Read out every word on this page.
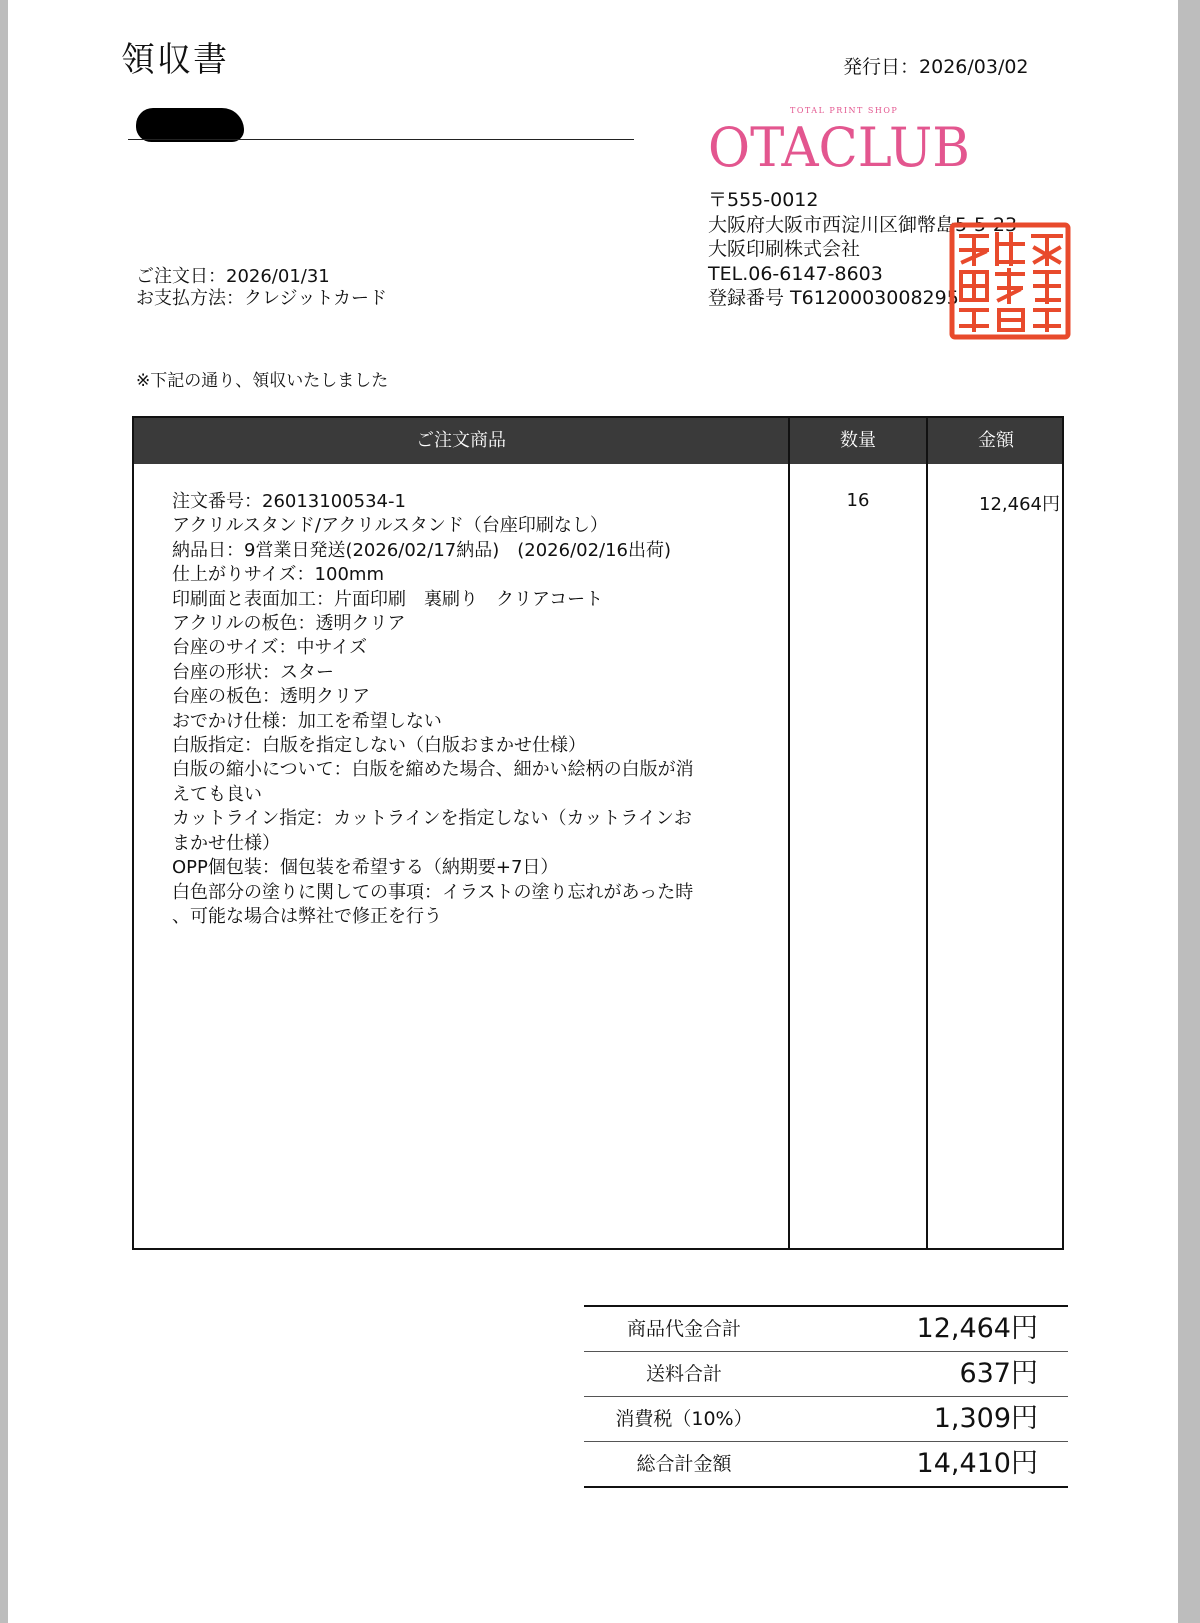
領収書	発行日：2026/03/02
TOTAL PRINT SHOP
OTACLUB
〒555-0012
大阪府大阪市西淀川区御幣島5-5-23
大阪印刷株式会社
TEL.06-6147-8603
登録番号 T6120003008295
ご注文日：2026/01/31
お支払方法：クレジットカード
※下記の通り、領収いたしました
ご注文商品	数量	金額
注文番号：26013100534-1
アクリルスタンド/アクリルスタンド（台座印刷なし）
納品日：9営業日発送(2026/02/17納品)　(2026/02/16出荷)
仕上がりサイズ：100mm
印刷面と表面加工：片面印刷　裏刷り　クリアコート
アクリルの板色：透明クリア
台座のサイズ：中サイズ
台座の形状：スター
台座の板色：透明クリア
おでかけ仕様：加工を希望しない
白版指定：白版を指定しない（白版おまかせ仕様）
白版の縮小について：白版を縮めた場合、細かい絵柄の白版が消
えても良い
カットライン指定：カットラインを指定しない（カットラインお
まかせ仕様）
OPP個包装：個包装を希望する（納期要+7日）
白色部分の塗りに関しての事項：イラストの塗り忘れがあった時
、可能な場合は弊社で修正を行う
16	12,464円
商品代金合計	12,464円
送料合計	637円
消費税（10%）	1,309円
総合計金額	14,410円
